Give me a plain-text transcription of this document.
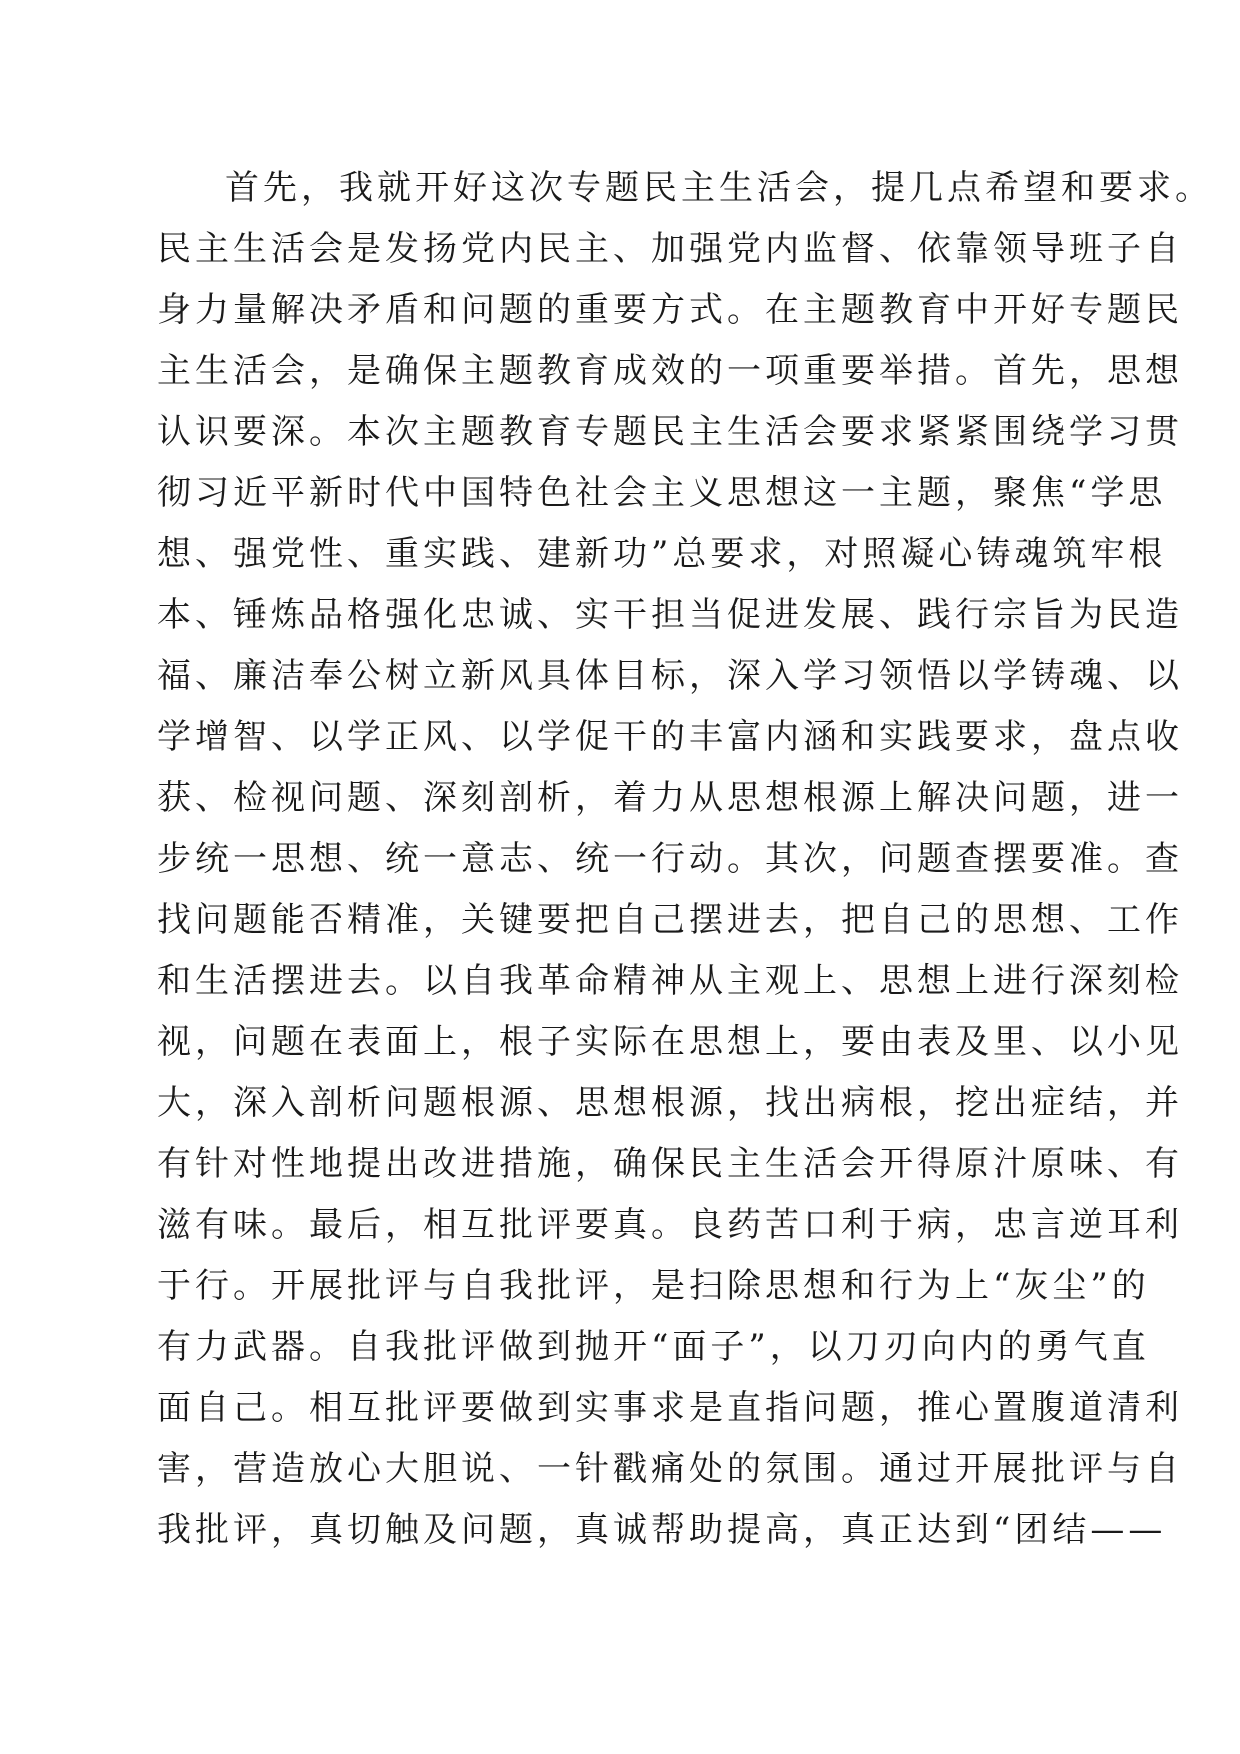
首先，我就开好这次专题民主生活会，提几点希望和要求。
民主生活会是发扬党内民主、加强党内监督、依靠领导班子自
身力量解决矛盾和问题的重要方式。在主题教育中开好专题民
主生活会，是确保主题教育成效的一项重要举措。首先，思想
认识要深。本次主题教育专题民主生活会要求紧紧围绕学习贯
彻习近平新时代中国特色社会主义思想这一主题，聚焦“学思
想、强党性、重实践、建新功”总要求，对照凝心铸魂筑牢根
本、锤炼品格强化忠诚、实干担当促进发展、践行宗旨为民造
福、廉洁奉公树立新风具体目标，深入学习领悟以学铸魂、以
学增智、以学正风、以学促干的丰富内涵和实践要求，盘点收
获、检视问题、深刻剖析，着力从思想根源上解决问题，进一
步统一思想、统一意志、统一行动。其次，问题查摆要准。查
找问题能否精准，关键要把自己摆进去，把自己的思想、工作
和生活摆进去。以自我革命精神从主观上、思想上进行深刻检
视，问题在表面上，根子实际在思想上，要由表及里、以小见
大，深入剖析问题根源、思想根源，找出病根，挖出症结，并
有针对性地提出改进措施，确保民主生活会开得原汁原味、有
滋有味。最后，相互批评要真。良药苦口利于病，忠言逆耳利
于行。开展批评与自我批评，是扫除思想和行为上“灰尘”的
有力武器。自我批评做到抛开“面子”，以刀刃向内的勇气直
面自己。相互批评要做到实事求是直指问题，推心置腹道清利
害，营造放心大胆说、一针戳痛处的氛围。通过开展批评与自
我批评，真切触及问题，真诚帮助提高，真正达到“团结——
